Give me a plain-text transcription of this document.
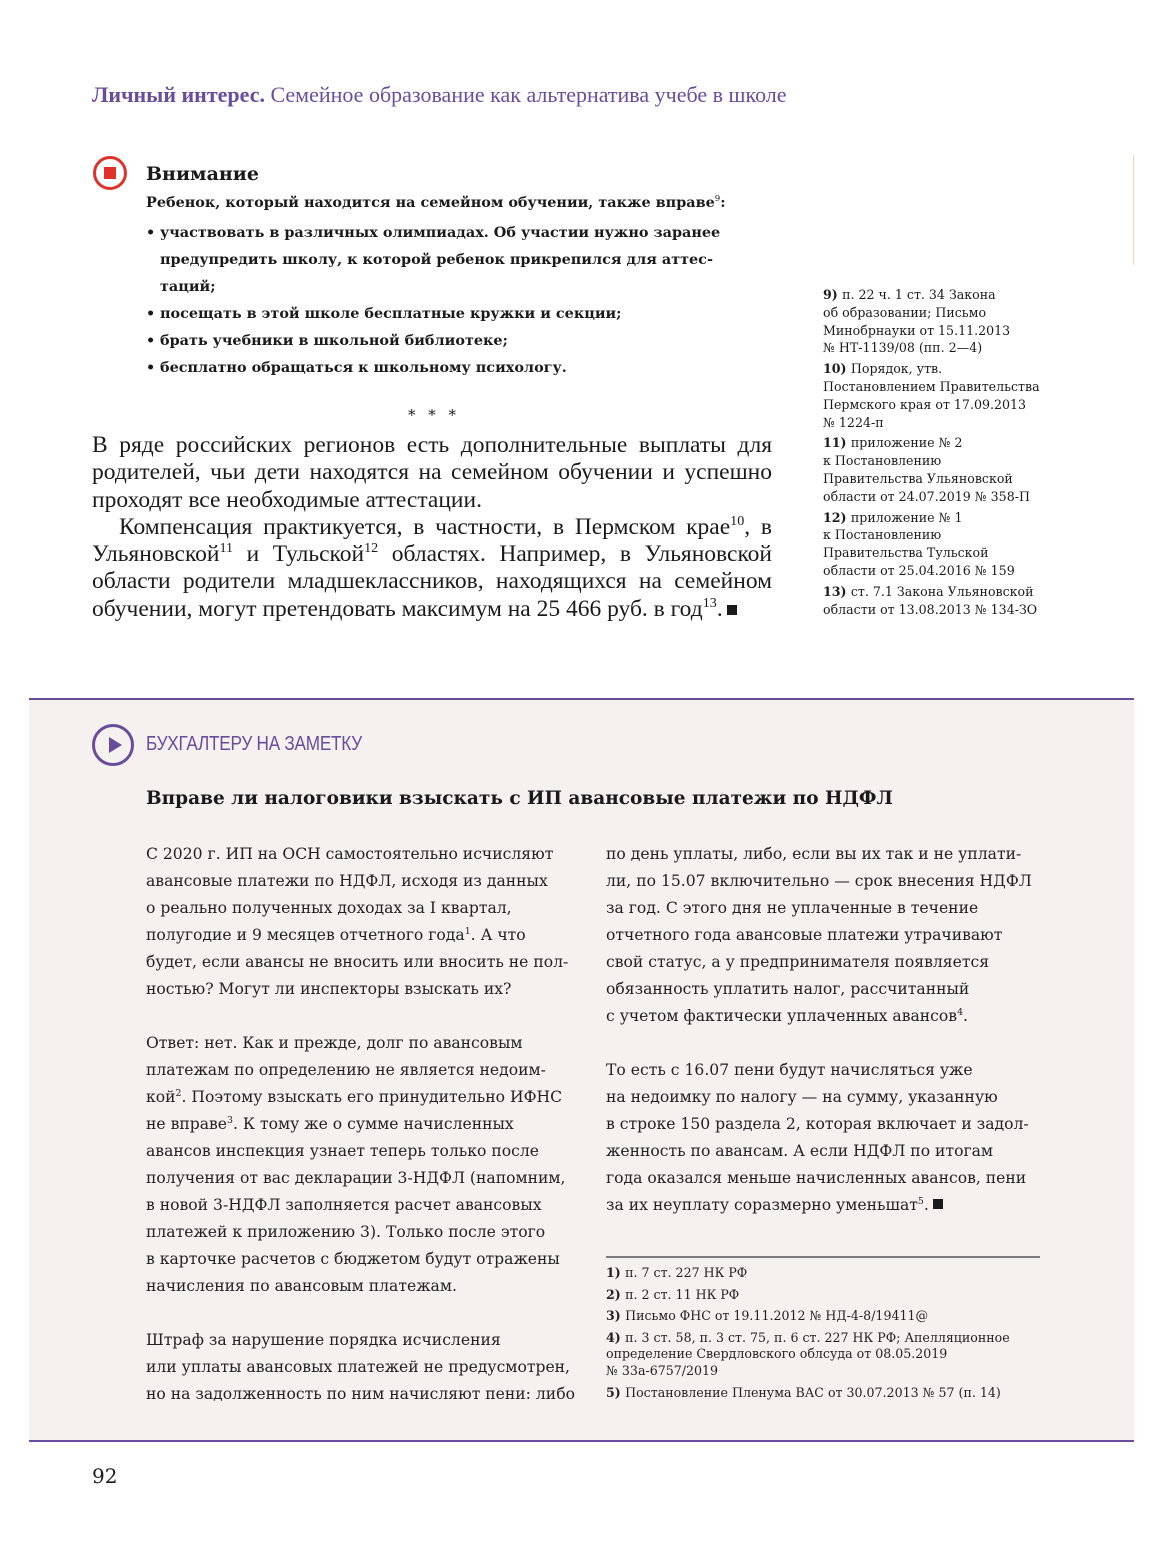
Личный интерес. Семейное образование как альтернатива учебе в школе
Внимание
Ребенок, который находится на семейном обучении, также вправе$^9$:
• участвовать в различных олимпиадах. Об участии нужно заранее
предупредить школу, к которой ребенок прикрепился для аттес-
таций;
• посещать в этой школе бесплатные кружки и секции;
• брать учебники в школьной библиотеке;
• бесплатно обращаться к школьному психологу.
* * *

В ряде российских регионов есть дополнительные выплаты для родителей, чьи дети находятся на семейном обучении и успешно проходят все необходимые аттестации.

Компенсация практикуется, в частности, в Пермском крае$^{10}$, в Ульяновской$^{11}$ и Тульской$^{12}$ областях. Например, в Ульяновской области родители младшеклассников, находящихся на семейном обучении, могут претендовать максимум на 25 466 руб. в год$^{13}$.

9) п. 22 ч. 1 ст. 34 Закона
об образовании; Письмо
Минобрнауки от 15.11.2013
№ НТ-1139/08 (пп. 2—4)
10) Порядок, утв.
Постановлением Правительства
Пермского края от 17.09.2013
№ 1224-п
11) приложение № 2
к Постановлению
Правительства Ульяновской
области от 24.07.2019 № 358-П
12) приложение № 1
к Постановлению
Правительства Тульской
области от 25.04.2016 № 159
13) ст. 7.1 Закона Ульяновской
области от 13.08.2013 № 134-ЗО
БУХГАЛТЕРУ НА ЗАМЕТКУ
Вправе ли налоговики взыскать с ИП авансовые платежи по НДФЛ

С 2020 г. ИП на ОСН самостоятельно исчисляют
авансовые платежи по НДФЛ, исходя из данных
о реально полученных доходах за I квартал,
полугодие и 9 месяцев отчетного года$^1$. А что
будет, если авансы не вносить или вносить не пол-
ностью? Могут ли инспекторы взыскать их?

Ответ: нет. Как и прежде, долг по авансовым
платежам по определению не является недоим-
кой$^2$. Поэтому взыскать его принудительно ИФНС
не вправе$^3$. К тому же о сумме начисленных
авансов инспекция узнает теперь только после
получения от вас декларации 3-НДФЛ (напомним,
в новой 3-НДФЛ заполняется расчет авансовых
платежей к приложению 3). Только после этого
в карточке расчетов с бюджетом будут отражены
начисления по авансовым платежам.

Штраф за нарушение порядка исчисления
или уплаты авансовых платежей не предусмотрен,
но на задолженность по ним начисляют пени: либо

по день уплаты, либо, если вы их так и не уплати-
ли, по 15.07 включительно — срок внесения НДФЛ
за год. С этого дня не уплаченные в течение
отчетного года авансовые платежи утрачивают
свой статус, а у предпринимателя появляется
обязанность уплатить налог, рассчитанный
с учетом фактически уплаченных авансов$^4$.

То есть с 16.07 пени будут начисляться уже
на недоимку по налогу — на сумму, указанную
в строке 150 раздела 2, которая включает и задол-
женность по авансам. А если НДФЛ по итогам
года оказался меньше начисленных авансов, пени
за их неуплату соразмерно уменьшат$^5$.

1) п. 7 ст. 227 НК РФ
2) п. 2 ст. 11 НК РФ
3) Письмо ФНС от 19.11.2012 № НД-4-8/19411@
4) п. 3 ст. 58, п. 3 ст. 75, п. 6 ст. 227 НК РФ; Апелляционное
определение Свердловского облсуда от 08.05.2019
№ 33а-6757/2019
5) Постановление Пленума ВАС от 30.07.2013 № 57 (п. 14)
92
